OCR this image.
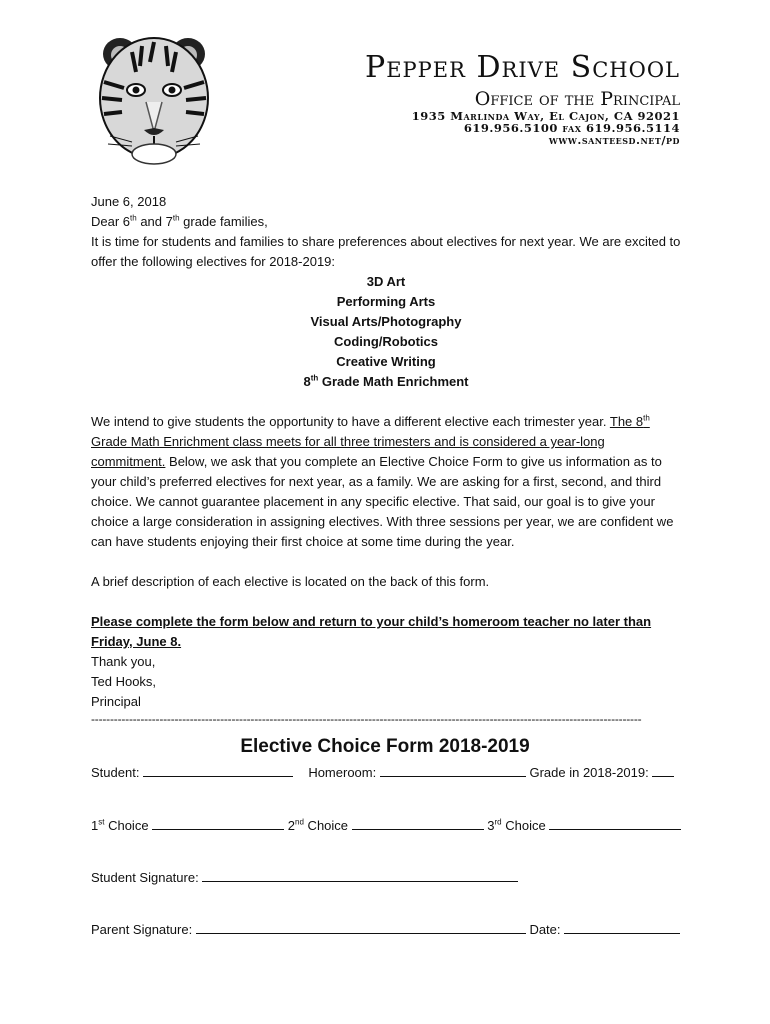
Pepper Drive School
Office of the Principal
1935 Marlinda Way, El Cajon, CA 92021
619.956.5100 fax 619.956.5114
www.santeesd.net/pd

June 6, 2018

Dear 6th and 7th grade families,

It is time for students and families to share preferences about electives for next year. We are excited to offer the following electives for 2018-2019:

3D Art

Performing Arts

Visual Arts/Photography

Coding/Robotics

Creative Writing

8th Grade Math Enrichment

We intend to give students the opportunity to have a different elective each trimester year. The 8th Grade Math Enrichment class meets for all three trimesters and is considered a year-long commitment. Below, we ask that you complete an Elective Choice Form to give us information as to your child’s preferred electives for next year, as a family. We are asking for a first, second, and third choice. We cannot guarantee placement in any specific elective. That said, our goal is to give your choice a large consideration in assigning electives. With three sessions per year, we are confident we can have students enjoying their first choice at some time during the year.

A brief description of each elective is located on the back of this form.

Please complete the form below and return to your child’s homeroom teacher no later than Friday, June 8.

Thank you,

Ted Hooks,

Principal

-------------------------------------------------------------------------------------------------------------------------------------------------
Elective Choice Form 2018-2019
Student:	Homeroom:	Grade in 2018-2019:
1st Choice	2nd Choice	3rd Choice
Student Signature:
Parent Signature:	Date:
